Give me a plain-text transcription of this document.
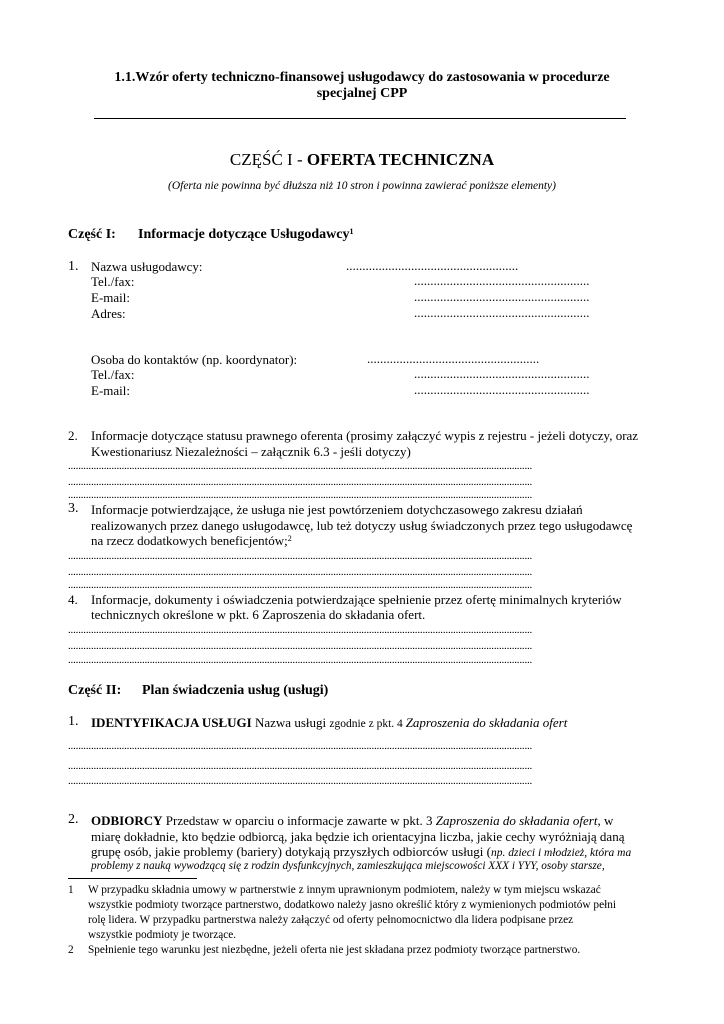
1.1.Wzór oferty techniczno-finansowej usługodawcy do zastosowania w procedurze
specjalnej CPP
CZĘŚĆ I - OFERTA TECHNICZNA
(Oferta nie powinna być dłuższa niż 10 stron i powinna zawierać poniższe elementy)
Część I: Informacje dotyczące Usługodawcy$^1$
1. Nazwa usługodawcy:	.....................................................
Tel./fax:	......................................................
E-mail:	......................................................
Adres:	......................................................
Osoba do kontaktów (np. koordynator):	.....................................................
Tel./fax:	......................................................
E-mail:	......................................................
2. Informacje dotyczące statusu prawnego oferenta (prosimy załączyć wypis z rejestru - jeżeli dotyczy, oraz
Kwestionariusz Niezależności – załącznik 6.3 - jeśli dotyczy)
......................................................................................................................................................................................
......................................................................................................................................................................................
......................................................................................................................................................................................
3. Informacje potwierdzające, że usługa nie jest powtórzeniem dotychczasowego zakresu działań
realizowanych przez danego usługodawcę, lub też dotyczy usług świadczonych przez tego usługodawcę
na rzecz dodatkowych beneficjentów;$^2$
......................................................................................................................................................................................
......................................................................................................................................................................................
......................................................................................................................................................................................
4. Informacje, dokumenty i oświadczenia potwierdzające spełnienie przez ofertę minimalnych kryteriów
technicznych określone w pkt. 6 Zaproszenia do składania ofert.
......................................................................................................................................................................................
......................................................................................................................................................................................
......................................................................................................................................................................................
Część II: Plan świadczenia usług (usługi)
1. IDENTYFIKACJA USŁUGI Nazwa usługi zgodnie z pkt. 4 Zaproszenia do składania ofert
......................................................................................................................................................................................
......................................................................................................................................................................................
......................................................................................................................................................................................
2. ODBIORCY Przedstaw w oparciu o informacje zawarte w pkt. 3 Zaproszenia do składania ofert, w
miarę dokładnie, kto będzie odbiorcą, jaka będzie ich orientacyjna liczba, jakie cechy wyróżniają daną
grupę osób, jakie problemy (bariery) dotykają przyszłych odbiorców usługi (np. dzieci i młodzież, która ma
problemy z nauką wywodzącą się z rodzin dysfunkcyjnych, zamieszkująca miejscowości XXX i YYY, osoby starsze,
1 W przypadku składnia umowy w partnerstwie z innym uprawnionym podmiotem, należy w tym miejscu wskazać
wszystkie podmioty tworzące partnerstwo, dodatkowo należy jasno określić który z wymienionych podmiotów pełni
rolę lidera. W przypadku partnerstwa należy załączyć od oferty pełnomocnictwo dla lidera podpisane przez
wszystkie podmioty je tworzące.
2 Spełnienie tego warunku jest niezbędne, jeżeli oferta nie jest składana przez podmioty tworzące partnerstwo.
